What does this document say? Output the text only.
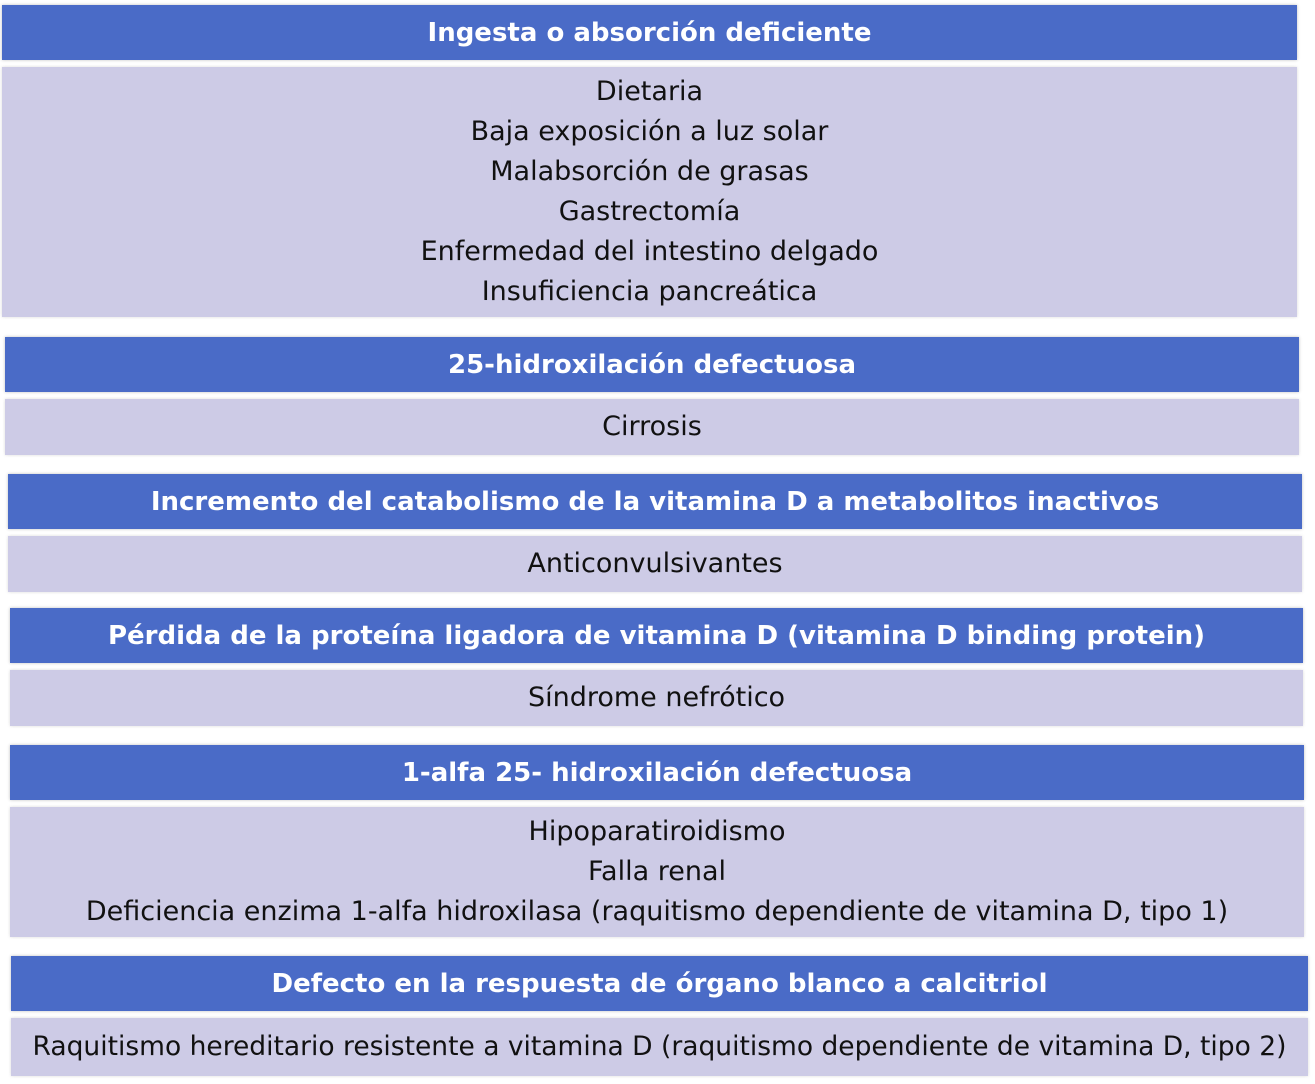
Ingesta o absorción deficiente
Dietaria
Baja exposición a luz solar
Malabsorción de grasas
Gastrectomía
Enfermedad del intestino delgado
Insuficiencia pancreática
25-hidroxilación defectuosa
Cirrosis
Incremento del catabolismo de la vitamina D a metabolitos inactivos
Anticonvulsivantes
Pérdida de la proteína ligadora de vitamina D (vitamina D binding protein)
Síndrome nefrótico
1-alfa 25- hidroxilación defectuosa
Hipoparatiroidismo
Falla renal
Deficiencia enzima 1-alfa hidroxilasa (raquitismo dependiente de vitamina D, tipo 1)
Defecto en la respuesta de órgano blanco a calcitriol
Raquitismo hereditario resistente a vitamina D (raquitismo dependiente de vitamina D, tipo 2)
